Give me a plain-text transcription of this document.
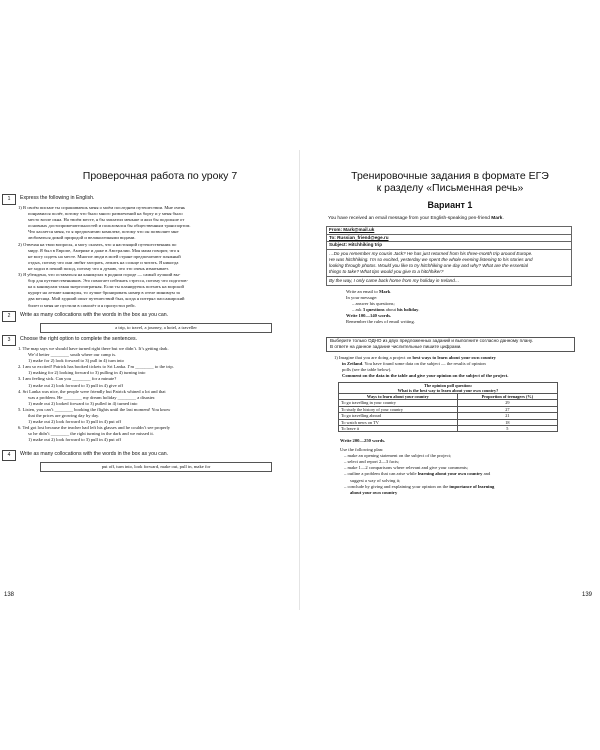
Проверочная работа по уроку 7
1	Express the following in English.
1) В своём письме ты спрашиваешь меня о моём последнем путешествии. Мне очень
понравился полёт, потому что было много развлечений на борту и у меня было
место возле окна. На твоём месте, я бы заплатил меньше и жил бы подольше от
основных достопримечательностей и пользовался бы общественным транспортом.
Что касается меня, то я предпочитаю комплект, потому что он позволяет мне
любоваться дикой природой и великолепными видами.
2) Отвечая на твои вопросы, я могу сказать, что я настоящий путешественник по
миру. Я был в Европе, Америке и даже в Австралии. Моя мама говорит, что я
не могу сидеть на месте. Многие люди в моей стране предпочитают пляжный
отдых, потому что они любят загорать, лежать на солнце и читать. Я никогда
не ходил в пеший поход, потому что я думаю, что это очень изматывает.
3) Я убеждена, что оставаться на каникулах в родном городе — самый лучший вы-
бор для путешественников. Это помогает избежать стресса, потому что подготов-
ка к каникулам такая энергозатратная. Если ты планируешь поехать на морской
курорт на летние каникулы, то лучше бронировать номер в отеле минимум за
два месяца. Мой худший опыт путешествий был, когда я потерял пассажирский
билет и меня не пустили в самолёт и я пропустил рейс.
2	Write as many collocations with the words in the box as you can.
a trip, to travel, a journey, a hotel, a traveller
3	Choose the right option to complete the sentences.
1. The map says we should have turned right there but we didn’t. It’s getting dark.
We’d better ________ south where our camp is.
1) make for 2) look forward to 3) pull in 4) turn into
2. I am so excited! Patrick has booked tickets to Sri Lanka. I’m ________ to the trip.
1) making for 2) looking forward to 3) pulling in 4) turning into
3. I am feeling sick. Can you ________ for a minute?
1) make out 2) look forward to 3) pull in 4) give off
4. Sri Lanka was nice, the people were friendly but Patrick whined a lot and that
was a problem. He ________ my dream holiday ________ a disaster.
1) made out 2) looked forward to 3) pulled in 4) turned into
5. Listen, you can’t ________ booking the flights until the last moment! You know
that the prices are growing day by day.
1) make out 2) look forward to 3) pull in 4) put off
6. Ted got lost because the teacher had left his glasses and he couldn’t see properly
so he didn’t ________ the right turning in the dark and we missed it.
1) make out 2) look forward to 3) pull in 4) put off
4	Write as many collocations with the words in the box as you can.
put off, turn into, look forward, make out, pull in, make for
138
Тренировочные задания в формате ЕГЭ
к разделу «Письменная речь»
Вариант 1
You have received an email message from your English-speaking pen-friend Mark.
From: Mark@mail.uk
To: Russian_friend@ege.ru
Subject: Hitchhiking trip
…Do you remember my cousin Jack? He has just returned from his three-month trip around Europe.
He was hitchhiking. I’m so excited, yesterday we spent the whole evening listening to his stories and
looking through photos. Would you like to try hitchhiking one day and why? What are the essential
things to take? What tips would you give to a hitchhiker?
By the way, I only came back home from my holiday in Ireland…
Write an email to Mark.
In your message:
– answer his questions;
– ask 3 questions about his holiday.
Write 100—140 words.
Remember the rules of email writing.
Выберите только ОДНО из двух предложенных заданий и выполните согласно данному плану.
В ответе на данное задание числительные пишите цифрами.
1) Imagine that you are doing a project on best ways to learn about your own country
in Zetland. You have found some data on the subject — the results of opinion
polls (see the table below).
Comment on the data in the table and give your opinion on the subject of the project.
The opinion poll question:
What is the best way to learn about your own country?	

Ways to learn about your country	Proportion of teenagers (%)
To go travelling in your country	29
To study the history of your country	27
To go travelling abroad	21
To watch news on TV	18
To leave it	5
Write 200—250 words.
Use the following plan:
– make an opening statement on the subject of the project;
– select and report 2—3 facts;
– make 1—2 comparisons where relevant and give your comments;
– outline a problem that can arise while learning about your own country and
suggest a way of solving it;
– conclude by giving and explaining your opinion on the importance of learning
about your own country
139
